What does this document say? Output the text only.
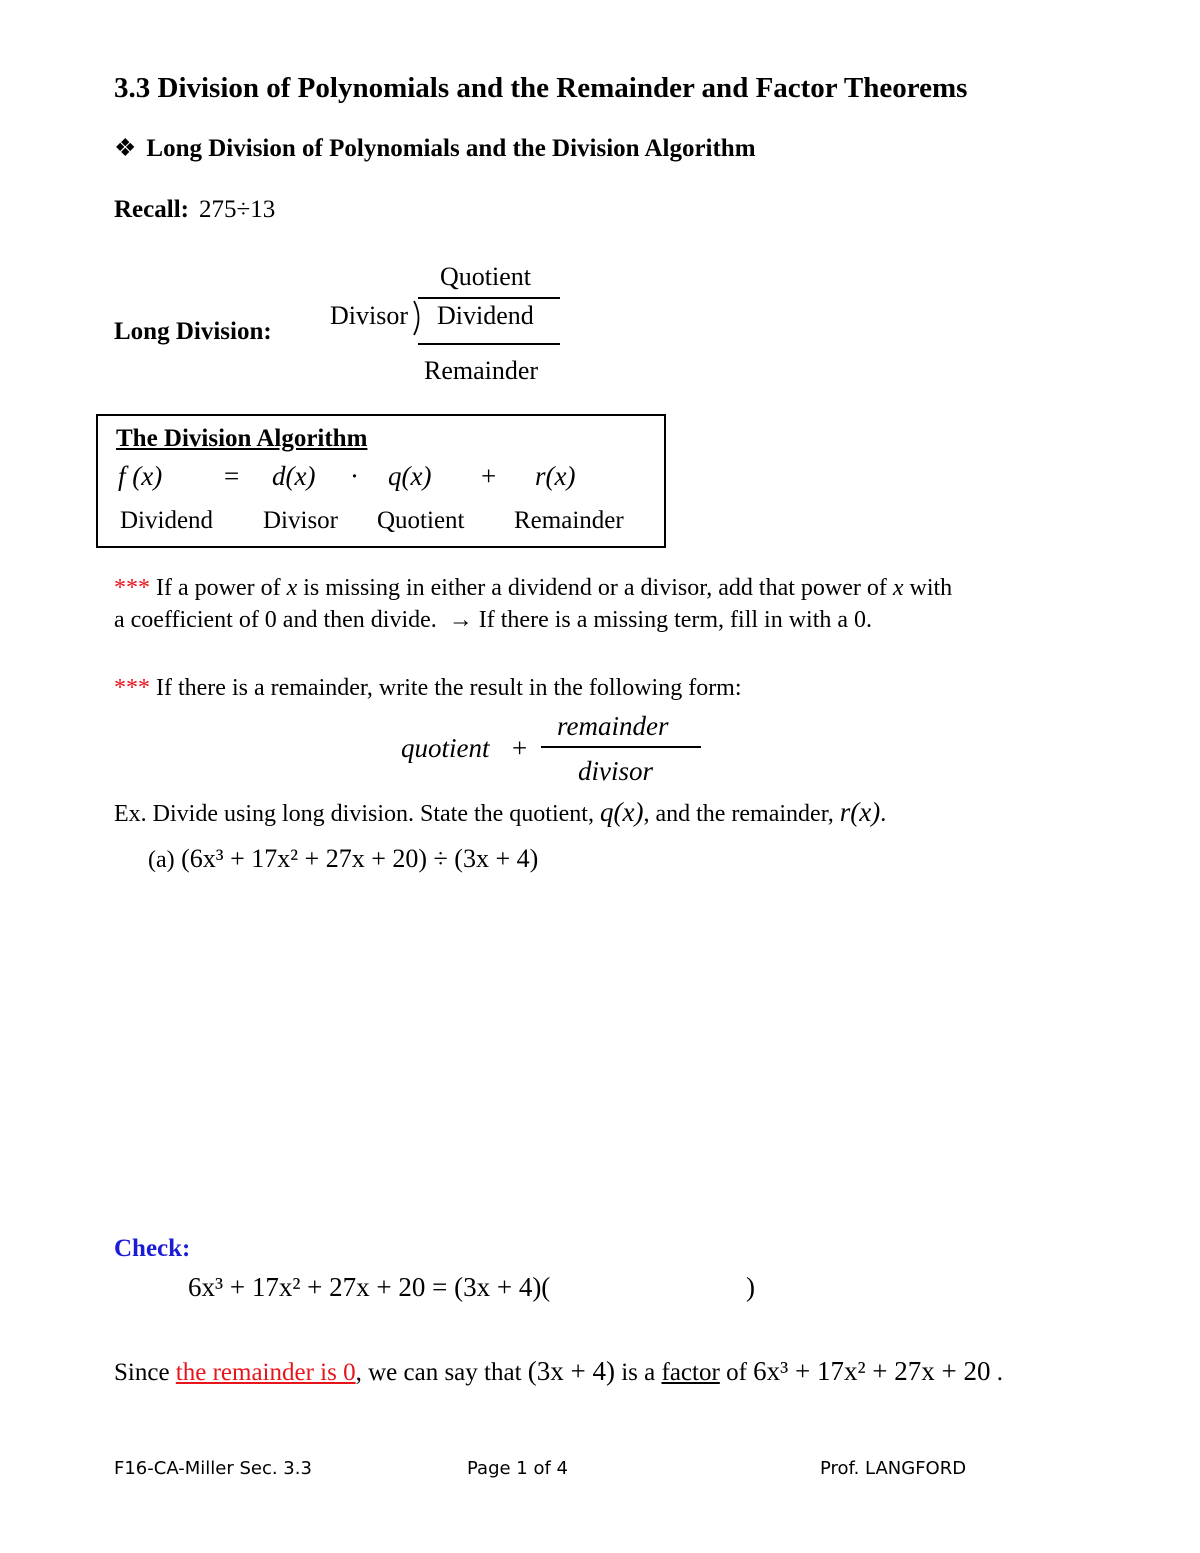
3.3 Division of Polynomials and the Remainder and Factor Theorems
❖ Long Division of Polynomials and the Division Algorithm
Recall: 275÷13
Long Division:
Quotient
Divisor Dividend
Remainder
The Division Algorithm
f (x) = d(x) · q(x) + r(x)
Dividend Divisor Quotient Remainder
*** If a power of x is missing in either a dividend or a divisor, add that power of x with
a coefficient of 0 and then divide. → If there is a missing term, fill in with a 0.
*** If there is a remainder, write the result in the following form:
quotient +
remainder
divisor
Ex. Divide using long division. State the quotient, q(x), and the remainder, r(x).
(a) (6x³ + 17x² + 27x + 20) ÷ (3x + 4)
Check:
6x³ + 17x² + 27x + 20 = (3x + 4)(	)
Since the remainder is 0, we can say that (3x + 4) is a factor of 6x³ + 17x² + 27x + 20 .
F16-CA-Miller Sec. 3.3	Page 1 of 4	Prof. LANGFORD
